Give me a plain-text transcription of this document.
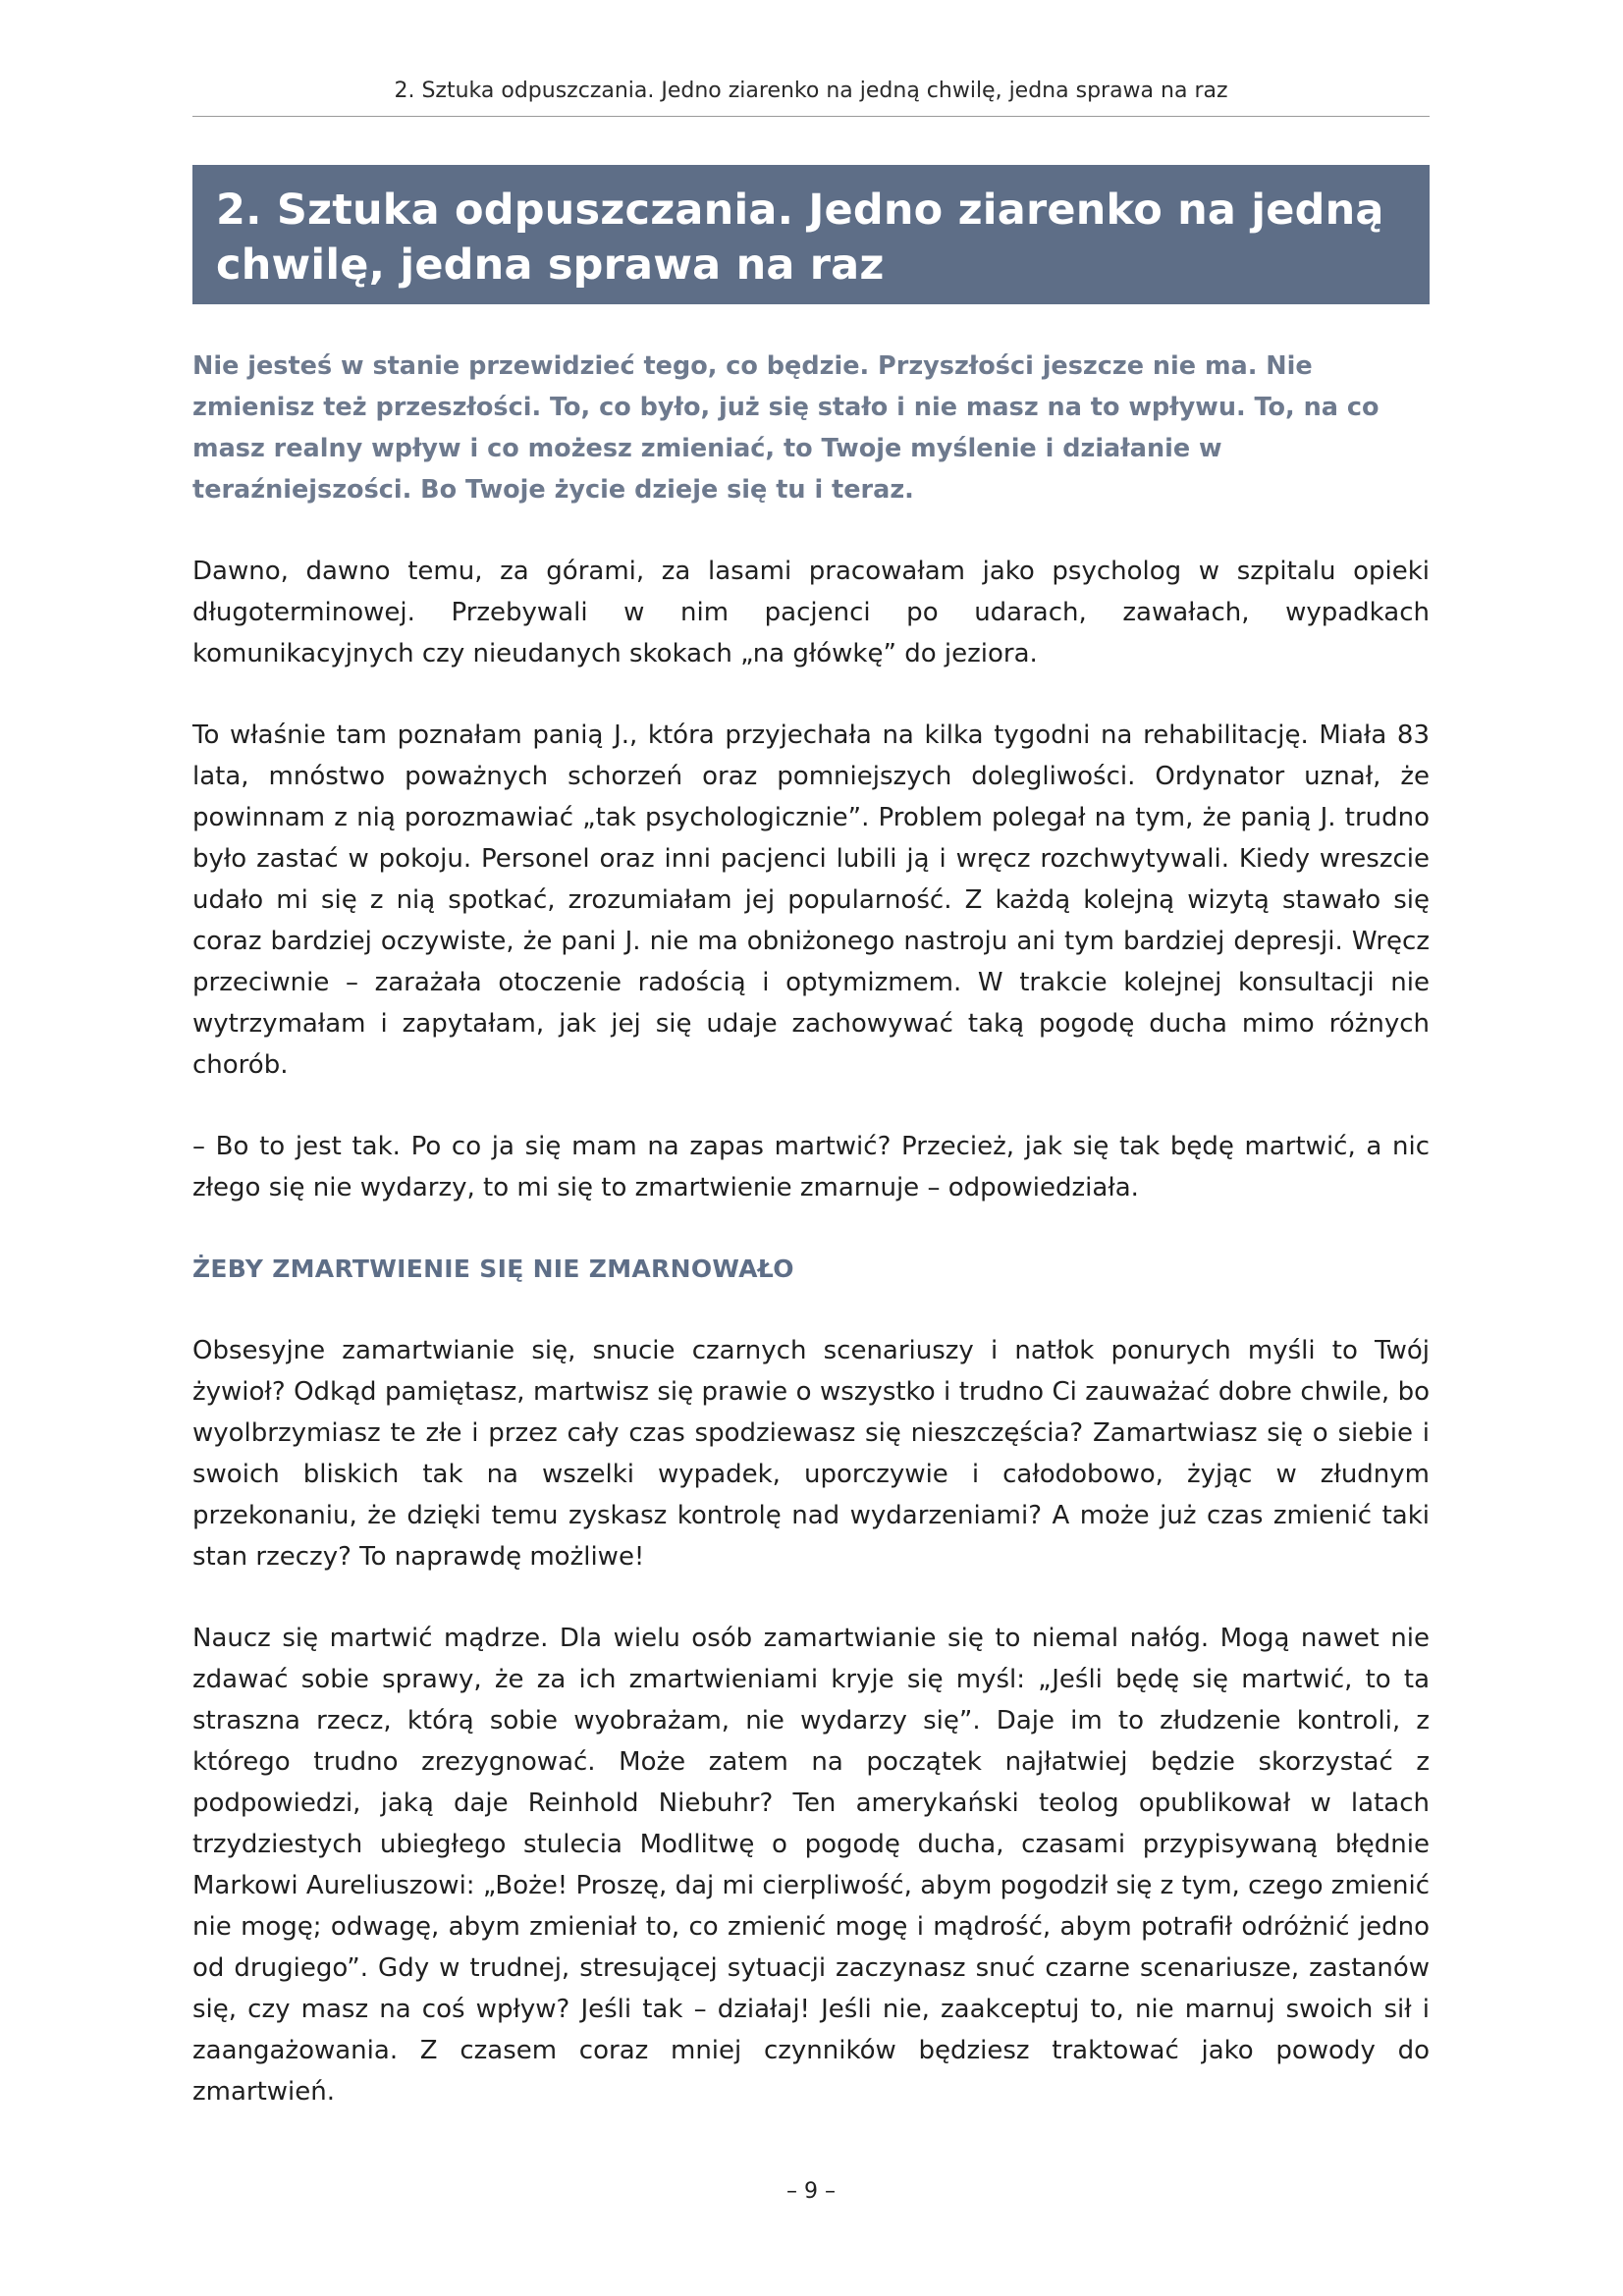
2. Sztuka odpuszczania. Jedno ziarenko na jedną chwilę, jedna sprawa na raz
2. Sztuka odpuszczania. Jedno ziarenko na jedną chwilę, jedna sprawa na raz

Nie jesteś w stanie przewidzieć tego, co będzie. Przyszłości jeszcze nie ma. Nie zmienisz też przeszłości. To, co było, już się stało i nie masz na to wpływu. To, na co masz realny wpływ i co możesz zmieniać, to Twoje myślenie i działanie w teraźniejszości. Bo Twoje życie dzieje się tu i teraz.

Dawno, dawno temu, za górami, za lasami pracowałam jako psycholog w szpitalu opieki długoterminowej. Przebywali w nim pacjenci po udarach, zawałach, wypadkach komunikacyjnych czy nieudanych skokach „na główkę” do jeziora.

To właśnie tam poznałam panią J., która przyjechała na kilka tygodni na rehabilitację. Miała 83 lata, mnóstwo poważnych schorzeń oraz pomniejszych dolegliwości. Ordynator uznał, że powinnam z nią porozmawiać „tak psychologicznie”. Problem polegał na tym, że panią J. trudno było zastać w pokoju. Personel oraz inni pacjenci lubili ją i wręcz rozchwytywali. Kiedy wreszcie udało mi się z nią spotkać, zrozumiałam jej popularność. Z każdą kolejną wizytą stawało się coraz bardziej oczywiste, że pani J. nie ma obniżonego nastroju ani tym bardziej depresji. Wręcz przeciwnie – zarażała otoczenie radością i optymizmem. W trakcie kolejnej konsultacji nie wytrzymałam i zapytałam, jak jej się udaje zachowywać taką pogodę ducha mimo różnych chorób.

– Bo to jest tak. Po co ja się mam na zapas martwić? Przecież, jak się tak będę martwić, a nic złego się nie wydarzy, to mi się to zmartwienie zmarnuje – odpowiedziała.

ŻEBY ZMARTWIENIE SIĘ NIE ZMARNOWAŁO

Obsesyjne zamartwianie się, snucie czarnych scenariuszy i natłok ponurych myśli to Twój żywioł? Odkąd pamiętasz, martwisz się prawie o wszystko i trudno Ci zauważać dobre chwile, bo wyolbrzymiasz te złe i przez cały czas spodziewasz się nieszczęścia? Zamartwiasz się o siebie i swoich bliskich tak na wszelki wypadek, uporczywie i całodobowo, żyjąc w złudnym przekonaniu, że dzięki temu zyskasz kontrolę nad wydarzeniami? A może już czas zmienić taki stan rzeczy? To naprawdę możliwe!

Naucz się martwić mądrze. Dla wielu osób zamartwianie się to niemal nałóg. Mogą nawet nie zdawać sobie sprawy, że za ich zmartwieniami kryje się myśl: „Jeśli będę się martwić, to ta straszna rzecz, którą sobie wyobrażam, nie wydarzy się”. Daje im to złudzenie kontroli, z którego trudno zrezygnować. Może zatem na początek najłatwiej będzie skorzystać z podpowiedzi, jaką daje Reinhold Niebuhr? Ten amerykański teolog opublikował w latach trzydziestych ubiegłego stulecia Modlitwę o pogodę ducha, czasami przypisywaną błędnie Markowi Aureliuszowi: „Boże! Proszę, daj mi cierpliwość, abym pogodził się z tym, czego zmienić nie mogę; odwagę, abym zmieniał to, co zmienić mogę i mądrość, abym potrafił odróżnić jedno od drugiego”. Gdy w trudnej, stresującej sytuacji zaczynasz snuć czarne scenariusze, zastanów się, czy masz na coś wpływ? Jeśli tak – działaj! Jeśli nie, zaakceptuj to, nie marnuj swoich sił i zaangażowania. Z czasem coraz mniej czynników będziesz traktować jako powody do zmartwień.

– 9 –
